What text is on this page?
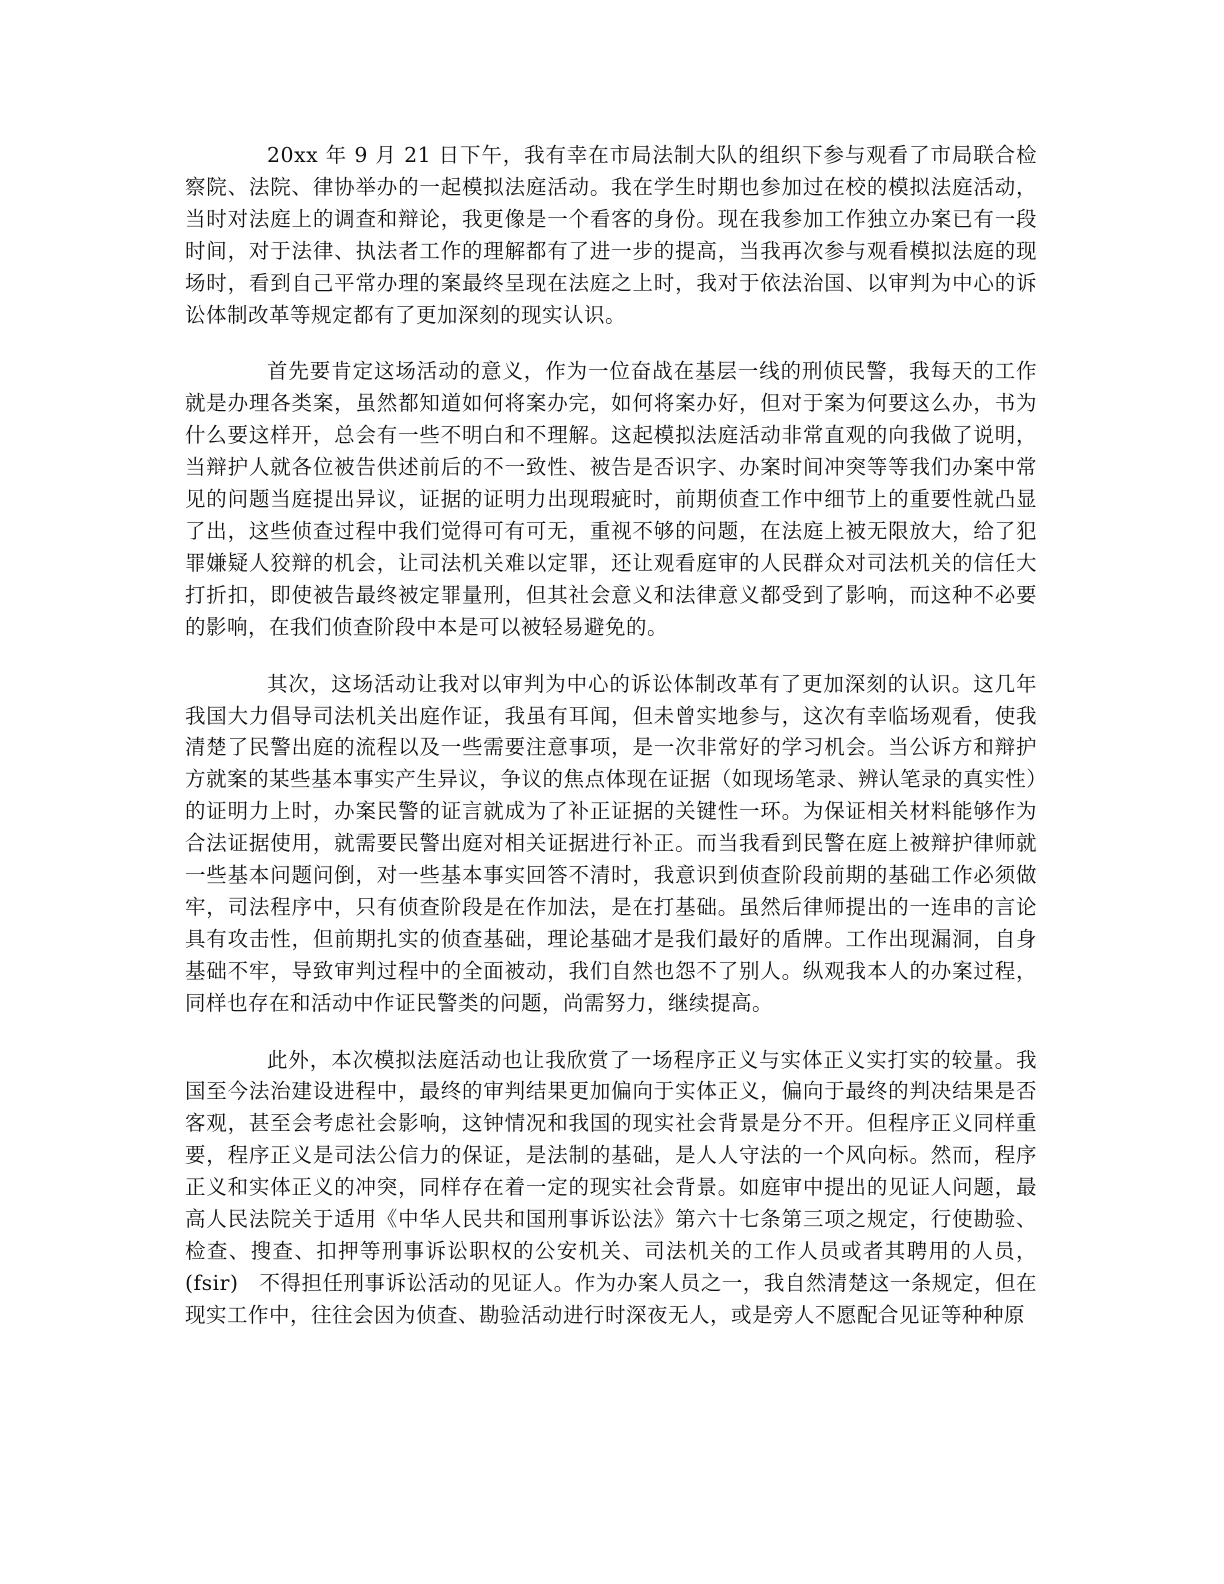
20xx 年 9 月 21 日下午，我有幸在市局法制大队的组织下参与观看了市局联合检察院、法院、律协举办的一起模拟法庭活动。我在学生时期也参加过在校的模拟法庭活动，当时对法庭上的调查和辩论，我更像是一个看客的身份。现在我参加工作独立办案已有一段时间，对于法律、执法者工作的理解都有了进一步的提高，当我再次参与观看模拟法庭的现场时，看到自己平常办理的案最终呈现在法庭之上时，我对于依法治国、以审判为中心的诉讼体制改革等规定都有了更加深刻的现实认识。

首先要肯定这场活动的意义，作为一位奋战在基层一线的刑侦民警，我每天的工作就是办理各类案，虽然都知道如何将案办完，如何将案办好，但对于案为何要这么办，书为什么要这样开，总会有一些不明白和不理解。这起模拟法庭活动非常直观的向我做了说明，当辩护人就各位被告供述前后的不一致性、被告是否识字、办案时间冲突等等我们办案中常见的问题当庭提出异议，证据的证明力出现瑕疵时，前期侦查工作中细节上的重要性就凸显了出，这些侦查过程中我们觉得可有可无，重视不够的问题，在法庭上被无限放大，给了犯罪嫌疑人狡辩的机会，让司法机关难以定罪，还让观看庭审的人民群众对司法机关的信任大打折扣，即使被告最终被定罪量刑，但其社会意义和法律意义都受到了影响，而这种不必要的影响，在我们侦查阶段中本是可以被轻易避免的。

其次，这场活动让我对以审判为中心的诉讼体制改革有了更加深刻的认识。这几年我国大力倡导司法机关出庭作证，我虽有耳闻，但未曾实地参与，这次有幸临场观看，使我清楚了民警出庭的流程以及一些需要注意事项，是一次非常好的学习机会。当公诉方和辩护方就案的某些基本事实产生异议，争议的焦点体现在证据（如现场笔录、辨认笔录的真实性）的证明力上时，办案民警的证言就成为了补正证据的关键性一环。为保证相关材料能够作为合法证据使用，就需要民警出庭对相关证据进行补正。而当我看到民警在庭上被辩护律师就一些基本问题问倒，对一些基本事实回答不清时，我意识到侦查阶段前期的基础工作必须做牢，司法程序中，只有侦查阶段是在作加法，是在打基础。虽然后律师提出的一连串的言论具有攻击性，但前期扎实的侦查基础，理论基础才是我们最好的盾牌。工作出现漏洞，自身基础不牢，导致审判过程中的全面被动，我们自然也怨不了别人。纵观我本人的办案过程，同样也存在和活动中作证民警类的问题，尚需努力，继续提高。

此外，本次模拟法庭活动也让我欣赏了一场程序正义与实体正义实打实的较量。我国至今法治建设进程中，最终的审判结果更加偏向于实体正义，偏向于最终的判决结果是否客观，甚至会考虑社会影响，这钟情况和我国的现实社会背景是分不开。但程序正义同样重要，程序正义是司法公信力的保证，是法制的基础，是人人守法的一个风向标。然而，程序正义和实体正义的冲突，同样存在着一定的现实社会背景。如庭审中提出的见证人问题，最高人民法院关于适用《中华人民共和国刑事诉讼法》第六十七条第三项之规定，行使勘验、检查、搜查、扣押等刑事诉讼职权的公安机关、司法机关的工作人员或者其聘用的人员，(fsir)　不得担任刑事诉讼活动的见证人。作为办案人员之一，我自然清楚这一条规定，但在现实工作中，往往会因为侦查、勘验活动进行时深夜无人，或是旁人不愿配合见证等种种原
